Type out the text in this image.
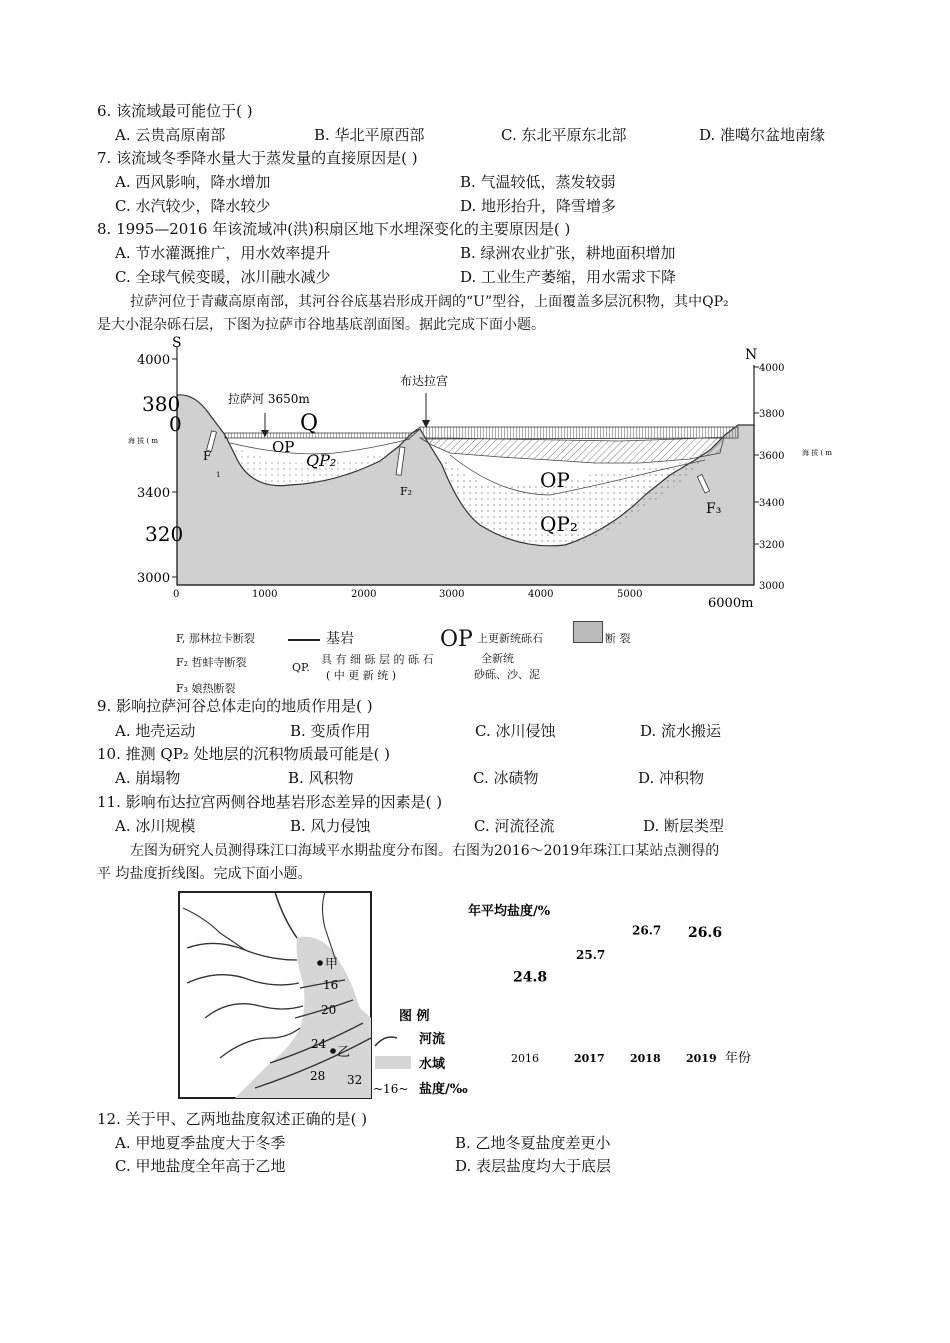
6. 该流域最可能位于( )
A. 云贵高原南部	B. 华北平原西部	C. 东北平原东北部	D. 准噶尔盆地南缘
7. 该流域冬季降水量大于蒸发量的直接原因是( )
A. 西风影响，降水增加	B. 气温较低，蒸发较弱
C. 水汽较少，降水较少	D. 地形抬升，降雪增多
8. 1995—2016 年该流域冲(洪)积扇区地下水埋深变化的主要原因是( )
A. 节水灌溉推广，用水效率提升	B. 绿洲农业扩张，耕地面积增加
C. 全球气候变暖，冰川融水减少	D. 工业生产萎缩，用水需求下降
拉萨河位于青藏高原南部，其河谷谷底基岩形成开阔的“U”型谷，上面覆盖多层沉积物，其中QP₂
是大小混杂砾石层，下图为拉萨市谷地基底剖面图。据此完成下面小题。
S
4000
380
0
海 拔 ( m
3400
320
3000
N
4000
3800
3600
3400
3200
3000
海 拔 ( m
0	1000	2000	3000	4000	5000
6000m
拉萨河 3650m
布达拉宫
Q
OP
QP₂
OP
QP₂
F
1
F₂
F₃
F, 那林拉卡断裂
F₂ 哲蚌寺断裂
F₃ 娘热断裂
基岩
QP.
具 有 细 砾 层 的 砾 石
( 中 更 新 统 )
OP 上更新统砾石
全新统
砂砾、沙、泥
断 裂
9. 影响拉萨河谷总体走向的地质作用是( )
A. 地壳运动	B. 变质作用	C. 冰川侵蚀	D. 流水搬运
10. 推测 QP₂ 处地层的沉积物质最可能是( )
A. 崩塌物	B. 风积物	C. 冰碛物	D. 冲积物
11. 影响布达拉宫两侧谷地基岩形态差异的因素是( )
A. 冰川规模	B. 风力侵蚀	C. 河流径流	D. 断层类型
左图为研究人员测得珠江口海域平水期盐度分布图。右图为2016～2019年珠江口某站点测得的
平 均盐度折线图。完成下面小题。
甲
16
20
24
乙
28 32
图 例
河流
水域
~16~ 盐度/‰
年平均盐度/%
2016	2017 2018 2019
24.8
25.7
26.7 26.6
年份
12. 关于甲、乙两地盐度叙述正确的是( )
A. 甲地夏季盐度大于冬季	B. 乙地冬夏盐度差更小
C. 甲地盐度全年高于乙地	D. 表层盐度均大于底层
